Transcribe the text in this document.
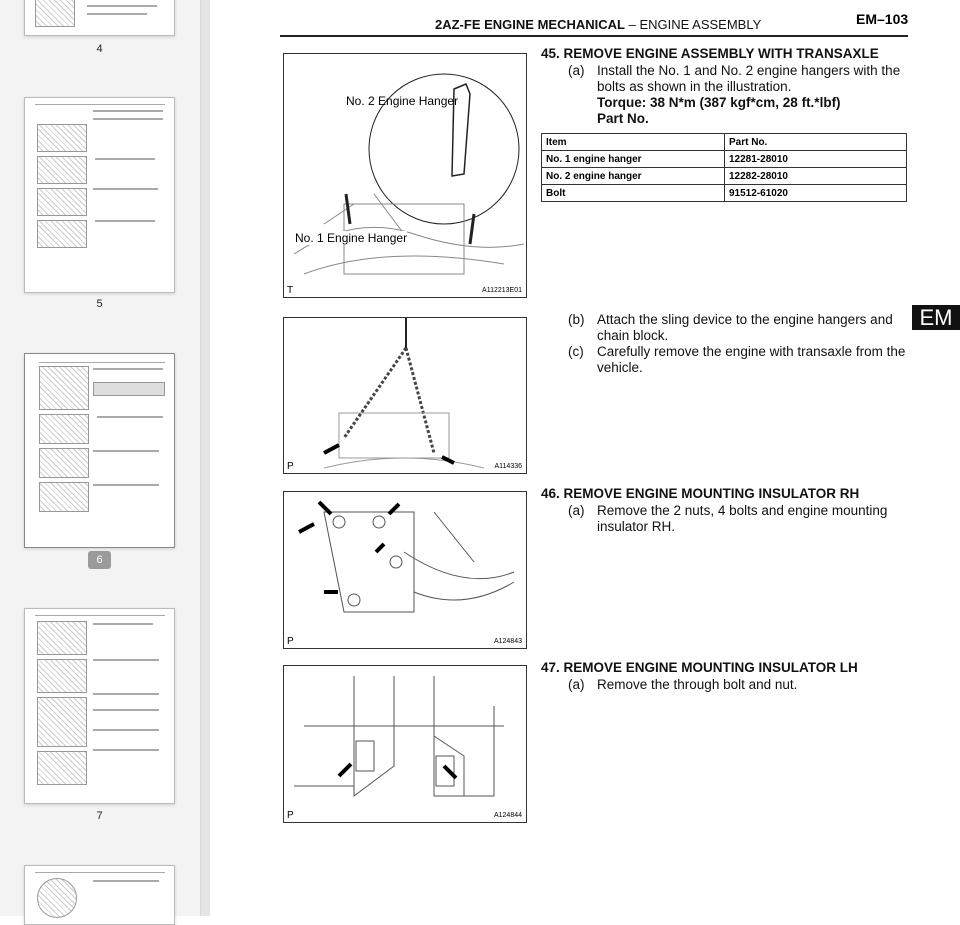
4
5
6
7
2AZ-FE ENGINE MECHANICAL – ENGINE ASSEMBLY	EM–103
No. 2 Engine Hanger
No. 1 Engine Hanger
T	A112213E01
P	A114336
P	A124843
P	A124844
45. REMOVE ENGINE ASSEMBLY WITH TRANSAXLE
(a) Install the No. 1 and No. 2 engine hangers with the bolts as shown in the illustration.
Torque: 38 N*m (387 kgf*cm, 28 ft.*lbf)
Part No.
Item	Part No.
No. 1 engine hanger	12281-28010
No. 2 engine hanger	12282-28010
Bolt	91512-61020
(b) Attach the sling device to the engine hangers and chain block.
(c) Carefully remove the engine with transaxle from the vehicle.
EM
46. REMOVE ENGINE MOUNTING INSULATOR RH
(a) Remove the 2 nuts, 4 bolts and engine mounting insulator RH.
47. REMOVE ENGINE MOUNTING INSULATOR LH
(a) Remove the through bolt and nut.
